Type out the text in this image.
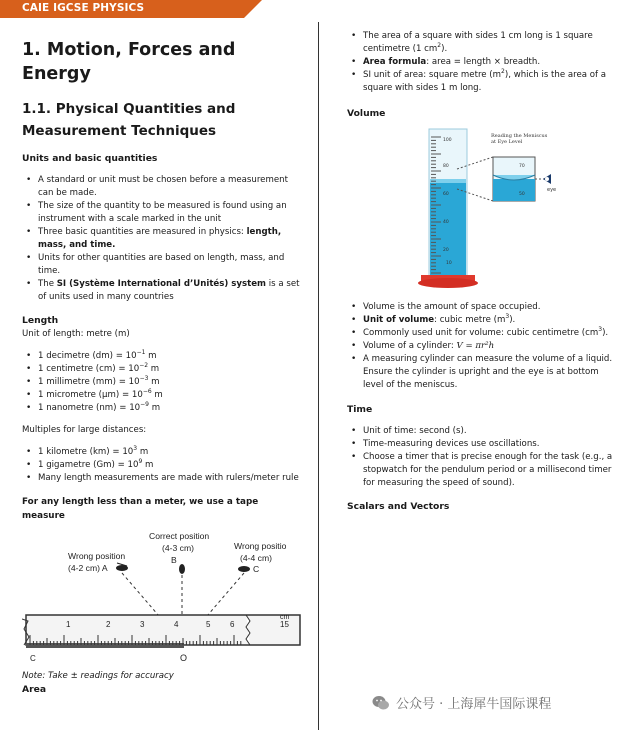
CAIE IGCSE PHYSICS
1. Motion, Forces and Energy
1.1. Physical Quantities and Measurement Techniques
Units and basic quantities
• A standard or unit must be chosen before a measurement can be made.
• The size of the quantity to be measured is found using an instrument with a scale marked in the unit
• Three basic quantities are measured in physics: length, mass, and time.
• Units for other quantities are based on length, mass, and time.
• The SI (Système International d’Unités) system is a set of units used in many countries
Length

Unit of length: metre (m)

• 1 decimetre $(dm) = 10^{-1}$ m
• 1 centimetre $(cm) = 10^{-2}$ m
• 1 millimetre $(mm) = 10^{-3}$ m
• 1 micrometre $(\mu m) = 10^{-6}$ m
• 1 nanometre $(nm) = 10^{-9}$ m

Multiples for large distances:

• 1 kilometre $(km) = 10^3$ m
• 1 gigametre $(Gm) = 10^9$ m
• Many length measurements are made with rulers/meter rule
For any length less than a meter, we use a tape measure
Wrong position
(4-2 cm) A
Correct position
(4-3 cm)
B
Wrong positio
(4-4 cm)
C
1	2	3	4	5 6	15
cm
O
C

Note: Take ± readings for accuracy

Area
• The area of a square with sides 1 cm long is 1 square centimetre (1 $cm^2$).
• Area formula: area = length × breadth.
• SI unit of area: square metre $(m^2)$, which is the area of a square with sides 1 m long.
Volume
Reading the Meniscus
at Eye Level
100
80
60
40
20
10
70
50
eye
• Volume is the amount of space occupied.
• Unit of volume: cubic metre $(m^3)$.
• Commonly used unit for volume: cubic centimetre $(cm^3)$.
• Volume of a cylinder: V = πr²h
• A measuring cylinder can measure the volume of a liquid. Ensure the cylinder is upright and the eye is at bottom level of the meniscus.
Time
• Unit of time: second (s).
• Time-measuring devices use oscillations.
• Choose a timer that is precise enough for the task (e.g., a stopwatch for the pendulum period or a millisecond timer for measuring the speed of sound).
Scalars and Vectors
公众号 · 上海犀牛国际课程
